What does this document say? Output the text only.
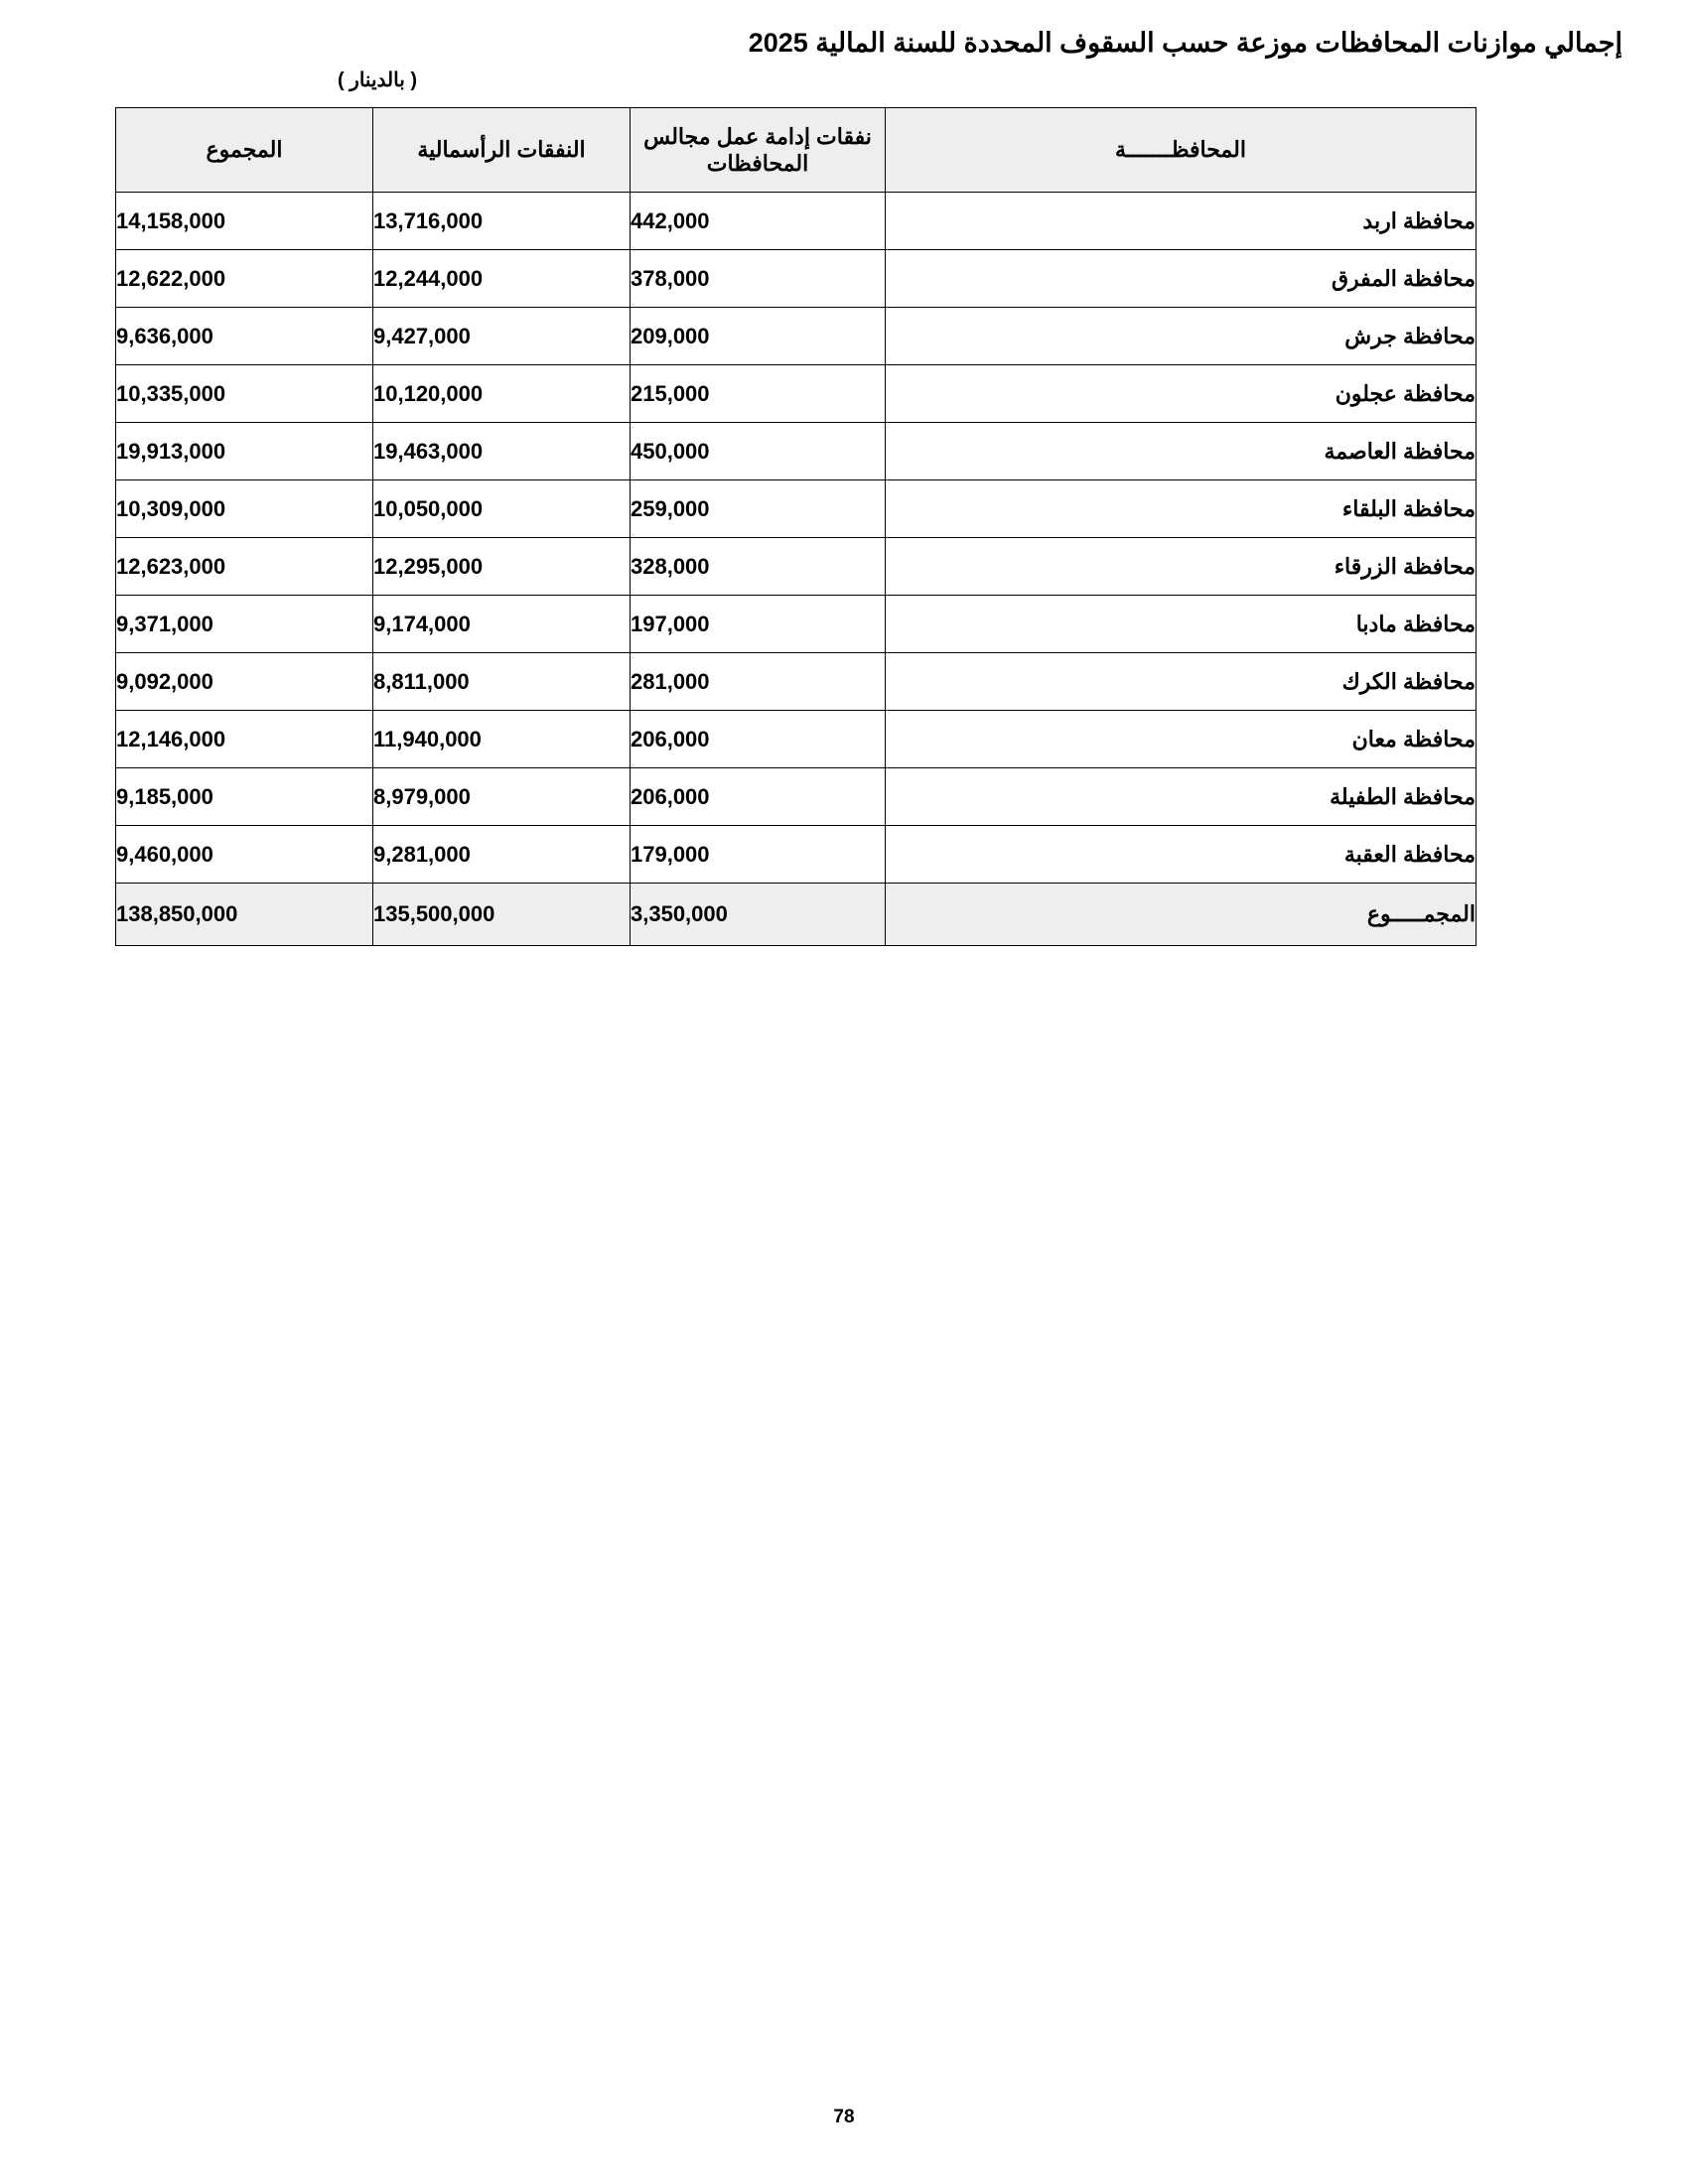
إجمالي موازنات المحافظات موزعة حسب السقوف المحددة للسنة المالية 2025
( بالدينار )
المحافظـــــــة	نفقات إدامة عمل مجالس المحافظات	النفقات الرأسمالية	المجموع
محافظة اربد	442,000	13,716,000	14,158,000
محافظة المفرق	378,000	12,244,000	12,622,000
محافظة جرش	209,000	9,427,000	9,636,000
محافظة عجلون	215,000	10,120,000	10,335,000
محافظة العاصمة	450,000	19,463,000	19,913,000
محافظة البلقاء	259,000	10,050,000	10,309,000
محافظة الزرقاء	328,000	12,295,000	12,623,000
محافظة مادبا	197,000	9,174,000	9,371,000
محافظة الكرك	281,000	8,811,000	9,092,000
محافظة معان	206,000	11,940,000	12,146,000
محافظة الطفيلة	206,000	8,979,000	9,185,000
محافظة العقبة	179,000	9,281,000	9,460,000
المجمـــــوع	3,350,000	135,500,000	138,850,000
78
